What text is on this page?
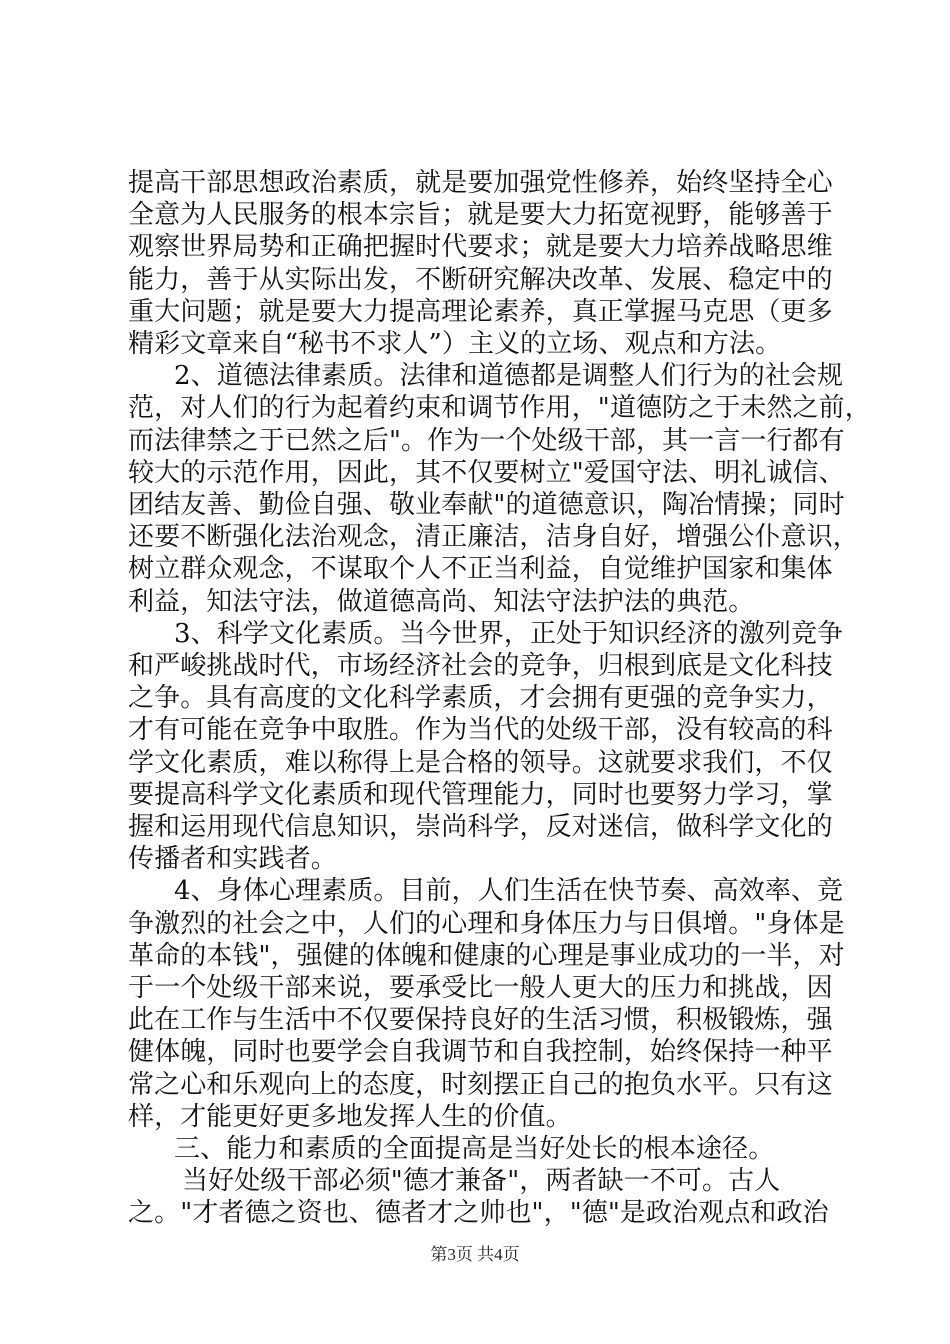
提高干部思想政治素质，就是要加强党性修养，始终坚持全心
全意为人民服务的根本宗旨；就是要大力拓宽视野，能够善于
观察世界局势和正确把握时代要求；就是要大力培养战略思维
能力，善于从实际出发，不断研究解决改革、发展、稳定中的
重大问题；就是要大力提高理论素养，真正掌握马克思（更多
精彩文章来自“秘书不求人”）主义的立场、观点和方法。
2、道德法律素质。法律和道德都是调整人们行为的社会规
范，对人们的行为起着约束和调节作用，"道德防之于未然之前，
而法律禁之于已然之后"。作为一个处级干部，其一言一行都有
较大的示范作用，因此，其不仅要树立"爱国守法、明礼诚信、
团结友善、勤俭自强、敬业奉献"的道德意识，陶冶情操；同时
还要不断强化法治观念，清正廉洁，洁身自好，增强公仆意识，
树立群众观念，不谋取个人不正当利益，自觉维护国家和集体
利益，知法守法，做道德高尚、知法守法护法的典范。
3、科学文化素质。当今世界，正处于知识经济的激列竞争
和严峻挑战时代，市场经济社会的竞争，归根到底是文化科技
之争。具有高度的文化科学素质，才会拥有更强的竞争实力，
才有可能在竞争中取胜。作为当代的处级干部，没有较高的科
学文化素质，难以称得上是合格的领导。这就要求我们，不仅
要提高科学文化素质和现代管理能力，同时也要努力学习，掌
握和运用现代信息知识，崇尚科学，反对迷信，做科学文化的
传播者和实践者。
4、身体心理素质。目前，人们生活在快节奏、高效率、竞
争激烈的社会之中，人们的心理和身体压力与日俱增。"身体是
革命的本钱"，强健的体魄和健康的心理是事业成功的一半，对
于一个处级干部来说，要承受比一般人更大的压力和挑战，因
此在工作与生活中不仅要保持良好的生活习惯，积极锻炼，强
健体魄，同时也要学会自我调节和自我控制，始终保持一种平
常之心和乐观向上的态度，时刻摆正自己的抱负水平。只有这
样，才能更好更多地发挥人生的价值。
三、能力和素质的全面提高是当好处长的根本途径。
当好处级干部必须"德才兼备"，两者缺一不可。古人
之。"才者德之资也、德者才之帅也"，"德"是政治观点和政治
第3页 共4页
